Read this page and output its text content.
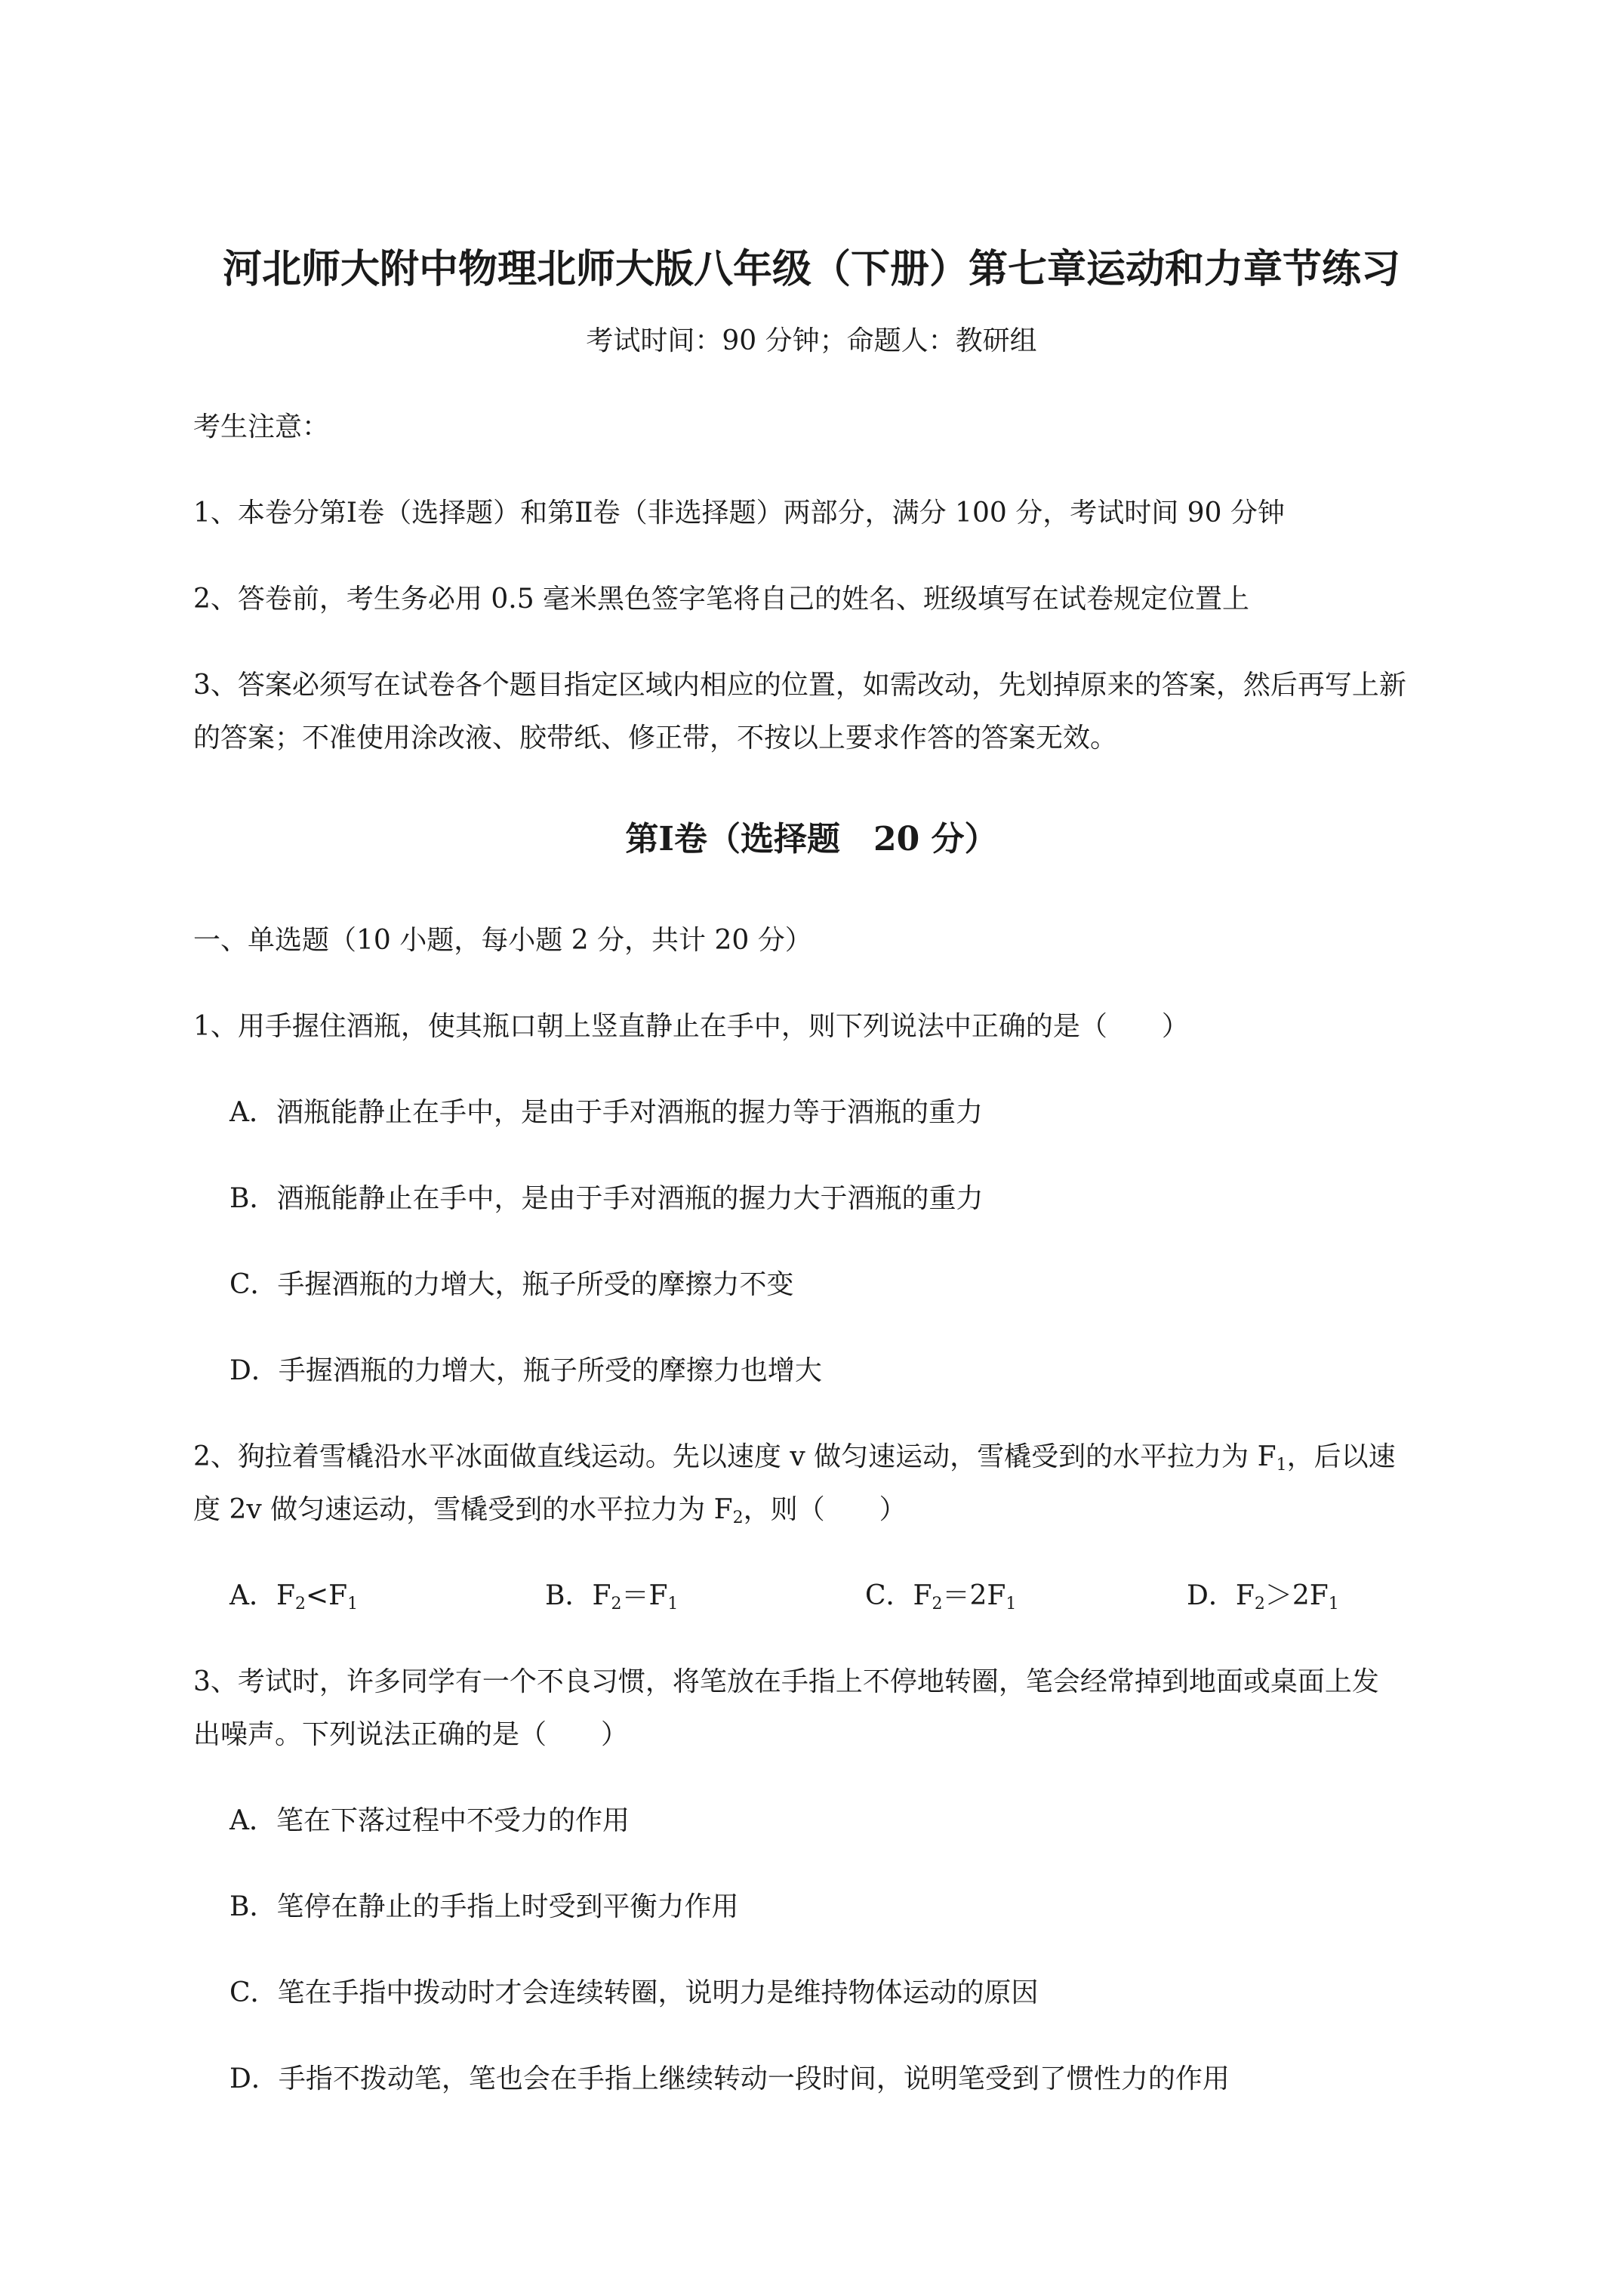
河北师大附中物理北师大版八年级（下册）第七章运动和力章节练习
考试时间：90 分钟；命题人：教研组
考生注意：
1、本卷分第Ⅰ卷（选择题）和第Ⅱ卷（非选择题）两部分，满分 100 分，考试时间 90 分钟
2、答卷前，考生务必用 0.5 毫米黑色签字笔将自己的姓名、班级填写在试卷规定位置上
3、答案必须写在试卷各个题目指定区域内相应的位置，如需改动，先划掉原来的答案，然后再写上新
的答案；不准使用涂改液、胶带纸、修正带，不按以上要求作答的答案无效。
第Ⅰ卷（选择题　20 分）
一、单选题（10 小题，每小题 2 分，共计 20 分）
1、用手握住酒瓶，使其瓶口朝上竖直静止在手中，则下列说法中正确的是（　　）
A．酒瓶能静止在手中，是由于手对酒瓶的握力等于酒瓶的重力
B．酒瓶能静止在手中，是由于手对酒瓶的握力大于酒瓶的重力
C．手握酒瓶的力增大，瓶子所受的摩擦力不变
D．手握酒瓶的力增大，瓶子所受的摩擦力也增大
2、狗拉着雪橇沿水平冰面做直线运动。先以速度 v 做匀速运动，雪橇受到的水平拉力为 $F_1$，后以速
度 2v 做匀速运动，雪橇受到的水平拉力为 $F_2$，则（　　）
A．$F_2<F_1$	B．$F_2=F_1$	C．$F_2=2F_1$	D．$F_2>2F_1$
3、考试时，许多同学有一个不良习惯，将笔放在手指上不停地转圈，笔会经常掉到地面或桌面上发
出噪声。下列说法正确的是（　　）
A．笔在下落过程中不受力的作用
B．笔停在静止的手指上时受到平衡力作用
C．笔在手指中拨动时才会连续转圈，说明力是维持物体运动的原因
D．手指不拨动笔，笔也会在手指上继续转动一段时间，说明笔受到了惯性力的作用
